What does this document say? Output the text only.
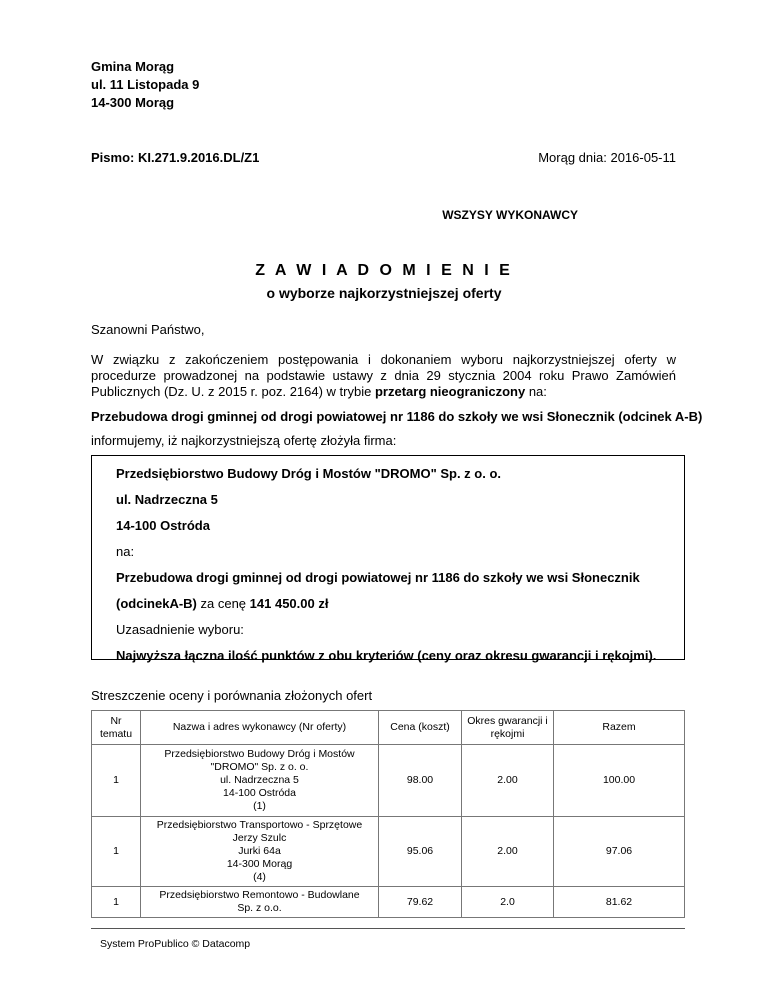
Gmina Morąg
ul. 11 Listopada 9
14-300 Morąg
Pismo: KI.271.9.2016.DL/Z1	Morąg dnia: 2016-05-11
WSZYSY WYKONAWCY
Z A W I A D O M I E N I E
o wyborze najkorzystniejszej oferty
Szanowni Państwo,
W związku z zakończeniem postępowania i dokonaniem wyboru najkorzystniejszej oferty w procedurze prowadzonej na podstawie ustawy z dnia 29 stycznia 2004 roku Prawo Zamówień Publicznych (Dz. U. z 2015 r. poz. 2164) w trybie przetarg nieograniczony na:
Przebudowa drogi gminnej od drogi powiatowej nr 1186 do szkoły we wsi Słonecznik (odcinek A-B)
informujemy, iż najkorzystniejszą ofertę złożyła firma:
Przedsiębiorstwo Budowy Dróg i Mostów "DROMO" Sp. z o. o.
ul. Nadrzeczna 5
14-100 Ostróda
na:
Przebudowa drogi gminnej od drogi powiatowej nr 1186 do szkoły we wsi Słonecznik
(odcinekA-B) za cenę 141 450.00 zł
Uzasadnienie wyboru:
Najwyższa łączna ilość punktów z obu kryteriów (ceny oraz okresu gwarancji i rękojmi).
Streszczenie oceny i porównania złożonych ofert
Nr tematu	Nazwa i adres wykonawcy (Nr oferty)	Cena (koszt)	Okres gwarancji i rękojmi	Razem
1	Przedsiębiorstwo Budowy Dróg i Mostów
"DROMO" Sp. z o. o.
ul. Nadrzeczna 5
14-100 Ostróda
(1)	98.00	2.00	100.00
1	Przedsiębiorstwo Transportowo - Sprzętowe
Jerzy Szulc
Jurki 64a
14-300 Morąg
(4)	95.06	2.00	97.06
1	Przedsiębiorstwo Remontowo - Budowlane
Sp. z o.o.	79.62	2.0	81.62
System ProPublico © Datacomp
